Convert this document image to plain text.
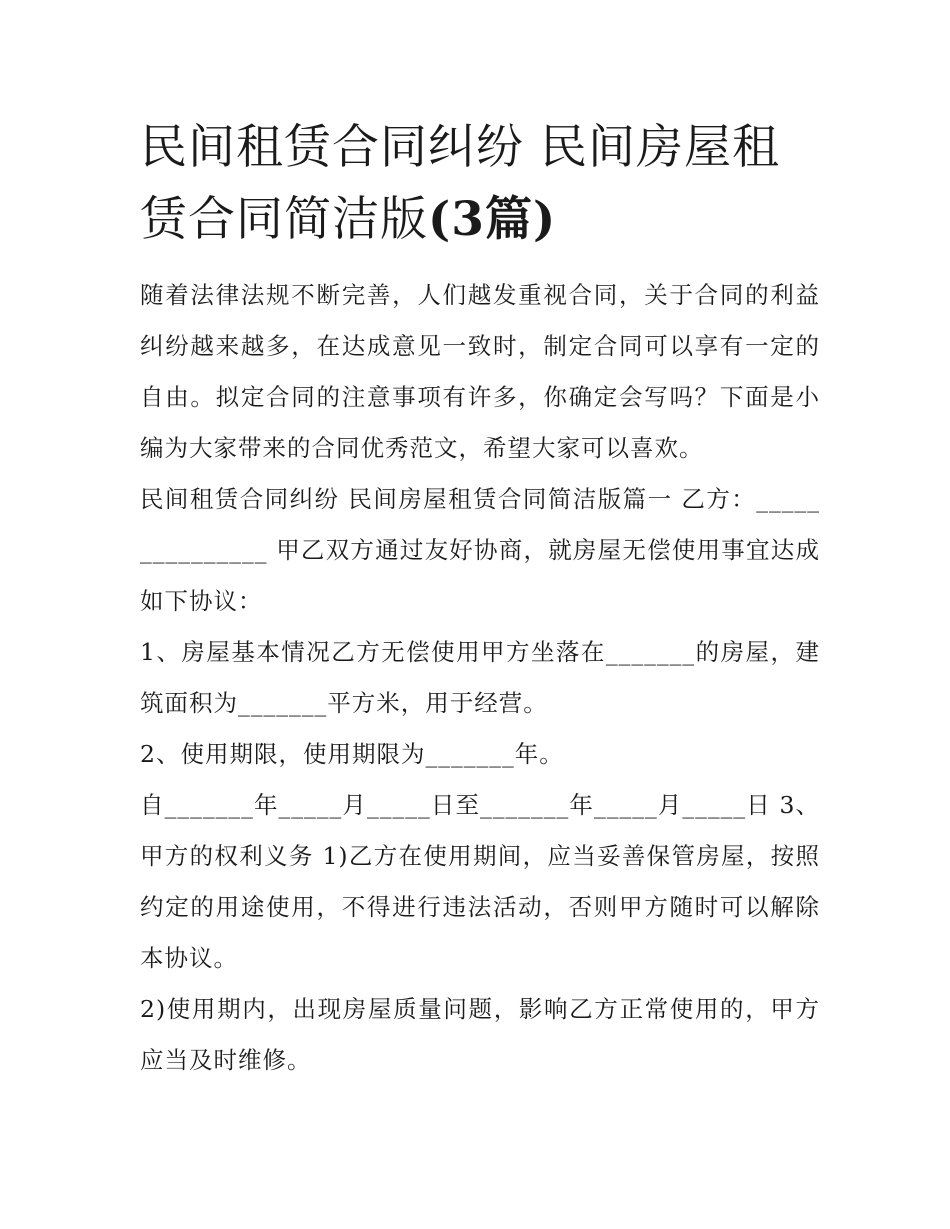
民间租赁合同纠纷 民间房屋租赁合同简洁版(3篇)

随着法律法规不断完善，人们越发重视合同，关于合同的利益纠纷越来越多，在达成意见一致时，制定合同可以享有一定的自由。拟定合同的注意事项有许多，你确定会写吗？下面是小编为大家带来的合同优秀范文，希望大家可以喜欢。

民间租赁合同纠纷 民间房屋租赁合同简洁版篇一 乙方：_______________ 甲乙双方通过友好协商，就房屋无偿使用事宜达成如下协议：

1、房屋基本情况乙方无偿使用甲方坐落在_______的房屋，建筑面积为_______平方米，用于经营。

2、使用期限，使用期限为_______年。

自_______年_____月_____日至_______年_____月_____日 3、甲方的权利义务 1)乙方在使用期间，应当妥善保管房屋，按照约定的用途使用，不得进行违法活动，否则甲方随时可以解除本协议。

2)使用期内，出现房屋质量问题，影响乙方正常使用的，甲方应当及时维修。
